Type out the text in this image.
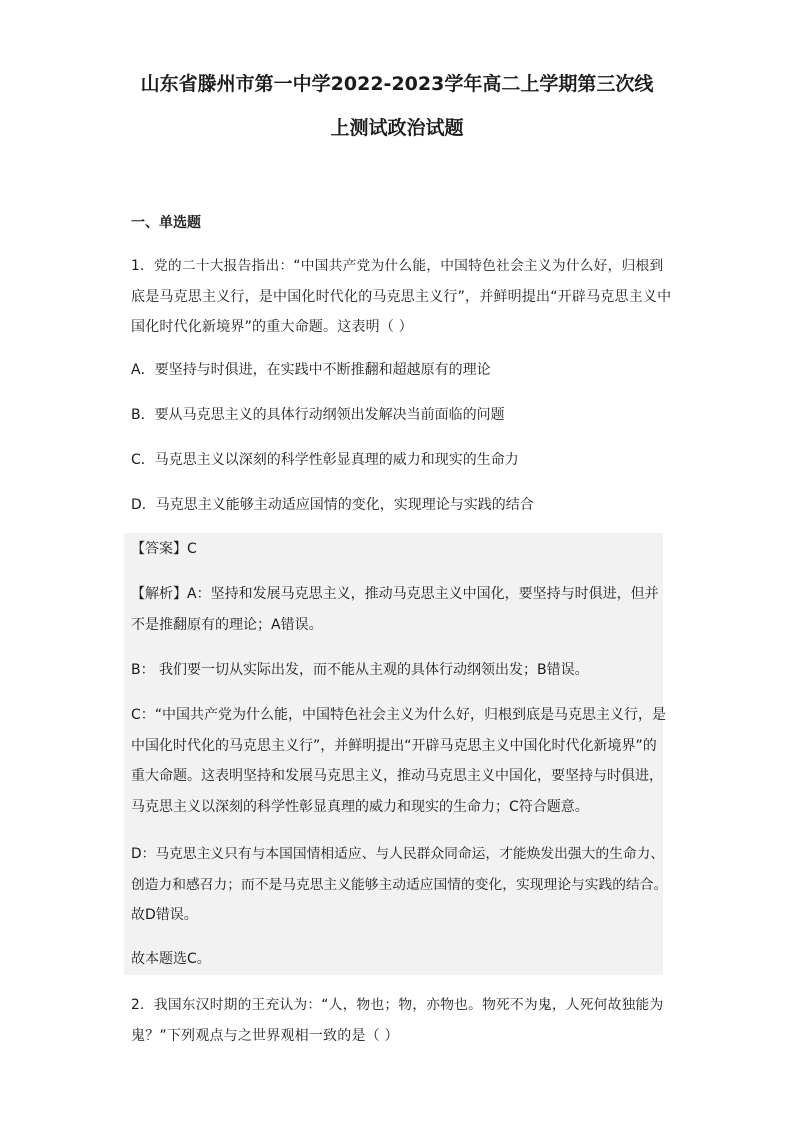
山东省滕州市第一中学2022-2023学年高二上学期第三次线
上测试政治试题
一、单选题
1．党的二十大报告指出：“中国共产党为什么能，中国特色社会主义为什么好，归根到
底是马克思主义行，是中国化时代化的马克思主义行”，并鲜明提出“开辟马克思主义中
国化时代化新境界”的重大命题。这表明（ ）
A．要坚持与时俱进，在实践中不断推翻和超越原有的理论
B．要从马克思主义的具体行动纲领出发解决当前面临的问题
C．马克思主义以深刻的科学性彰显真理的威力和现实的生命力
D．马克思主义能够主动适应国情的变化，实现理论与实践的结合
【答案】C
【解析】A：坚持和发展马克思主义，推动马克思主义中国化，要坚持与时俱进，但并
不是推翻原有的理论；A错误。
B： 我们要一切从实际出发，而不能从主观的具体行动纲领出发；B错误。
C：“中国共产党为什么能，中国特色社会主义为什么好，归根到底是马克思主义行，是
中国化时代化的马克思主义行”，并鲜明提出“开辟马克思主义中国化时代化新境界”的
重大命题。这表明坚持和发展马克思主义，推动马克思主义中国化，要坚持与时俱进，
马克思主义以深刻的科学性彰显真理的威力和现实的生命力；C符合题意。
D：马克思主义只有与本国国情相适应、与人民群众同命运，才能焕发出强大的生命力、
创造力和感召力；而不是马克思主义能够主动适应国情的变化，实现理论与实践的结合。
故D错误。
故本题选C。
2．我国东汉时期的王充认为：“人，物也；物，亦物也。物死不为鬼，人死何故独能为
鬼？”下列观点与之世界观相一致的是（ ）
